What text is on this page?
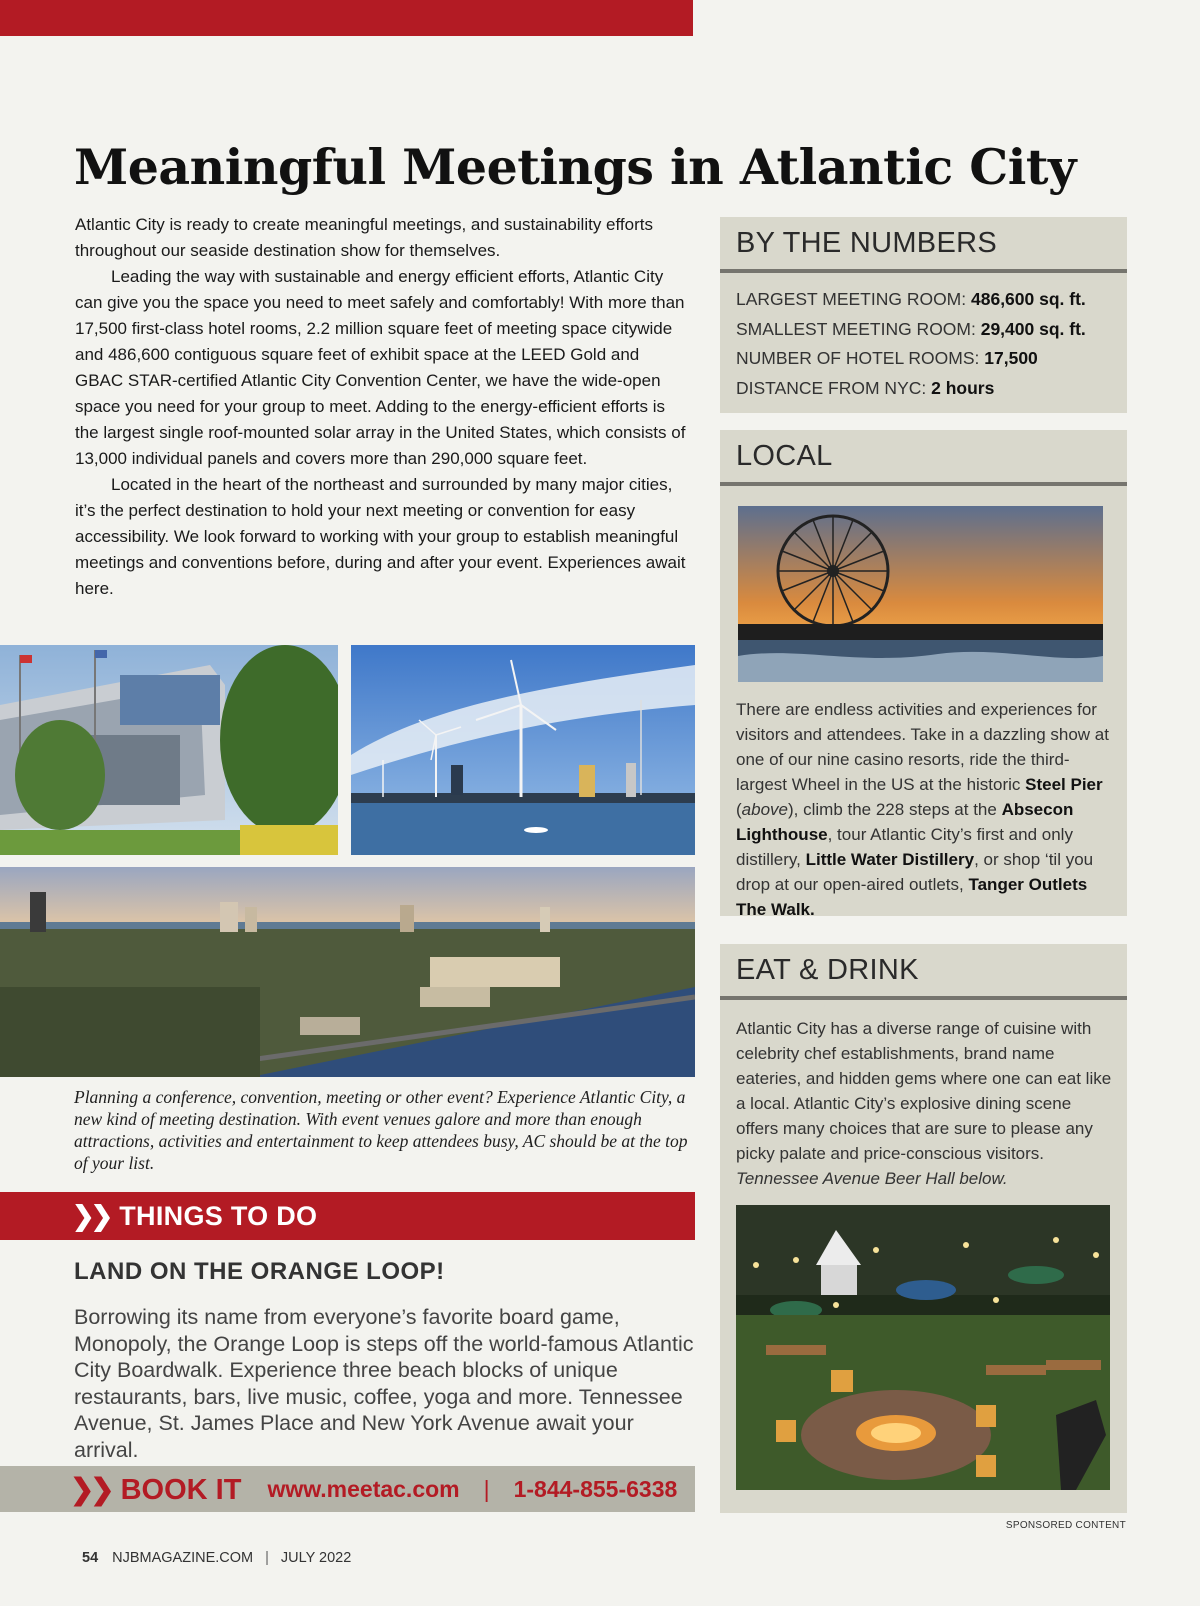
Meaningful Meetings in Atlantic City

Atlantic City is ready to create meaningful meetings, and sustainability efforts throughout our seaside destination show for themselves.

Leading the way with sustainable and energy efficient efforts, Atlantic City can give you the space you need to meet safely and comfortably! With more than 17,500 first-class hotel rooms, 2.2 million square feet of meeting space citywide and 486,600 contiguous square feet of exhibit space at the LEED Gold and GBAC STAR-certified Atlantic City Convention Center, we have the wide-open space you need for your group to meet. Adding to the energy-efficient efforts is the largest single roof-mounted solar array in the United States, which consists of 13,000 individual panels and covers more than 290,000 square feet.

Located in the heart of the northeast and surrounded by many major cities, it’s the perfect destination to hold your next meeting or convention for easy accessibility. We look forward to working with your group to establish meaningful meetings and conventions before, during and after your event. Experiences await here.

Planning a conference, convention, meeting or other event? Experience Atlantic City, a new kind of meeting destination. With event venues galore and more than enough attractions, activities and entertainment to keep attendees busy, AC should be at the top of your list.

❯❯ THINGS TO DO
LAND ON THE ORANGE LOOP!

Borrowing its name from everyone’s favorite board game, Monopoly, the Orange Loop is steps off the world-famous Atlantic City Boardwalk. Experience three beach blocks of unique restaurants, bars, live music, coffee, yoga and more. Tennessee Avenue, St. James Place and New York Avenue await your arrival.

❯❯ BOOK IT www.meetac.com | 1-844-855-6338
BY THE NUMBERS
LARGEST MEETING ROOM: 486,600 sq. ft.
SMALLEST MEETING ROOM: 29,400 sq. ft.
NUMBER OF HOTEL ROOMS: 17,500
DISTANCE FROM NYC: 2 hours
LOCAL

There are endless activities and experiences for visitors and attendees. Take in a dazzling show at one of our nine casino resorts, ride the third-largest Wheel in the US at the historic Steel Pier (above), climb the 228 steps at the Absecon Lighthouse, tour Atlantic City’s first and only distillery, Little Water Distillery, or shop ‘til you drop at our open-aired outlets, Tanger Outlets The Walk.

EAT & DRINK

Atlantic City has a diverse range of cuisine with celebrity chef establishments, brand name eateries, and hidden gems where one can eat like a local. Atlantic City’s explosive dining scene offers many choices that are sure to please any picky palate and price-conscious visitors. Tennessee Avenue Beer Hall below.

SPONSORED CONTENT
54 NJBMAGAZINE.COM | JULY 2022
